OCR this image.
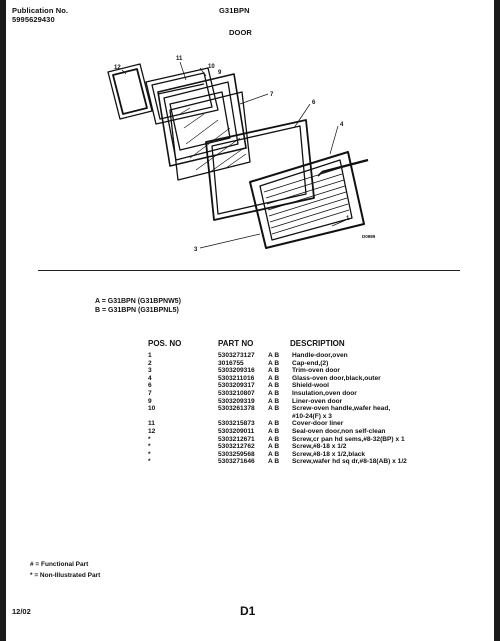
Publication No.
5995629430
G31BPN
DOOR
12
11
10
9
7
6
4
1
3
D0989
A = G31BPN (G31BPNW5)
B = G31BPN (G31BPNL5)
POS. NO	PART NO	DESCRIPTION
1	5303273127	A B	Handle-door,oven
2	3016755	A B	Cap-end,(2)
3	5303209316	A B	Trim-oven door
4	5303211016	A B	Glass-oven door,black,outer
6	5303209317	A B	Shield-wool
7	5303210807	A B	Insulation,oven door
9	5303209319	A B	Liner-oven door
10	5303261378	A B	Screw-oven handle,wafer head,
			#10-24(F) x 3
11	5303215873	A B	Cover-door liner
12	5303209011	A B	Seal-oven door,non self-clean

*	5303212671	A B	Screw,cr pan hd sems,#8-32(BP) x 1
*	5303212762	A B	Screw,#8-18 x 1/2
*	5303259568	A B	Screw,#8-18 x 1/2,black
*	5303271646	A B	Screw,wafer hd sq dr,#8-18(AB) x 1/2
# = Functional Part
* = Non-Illustrated Part
12/02	D1
